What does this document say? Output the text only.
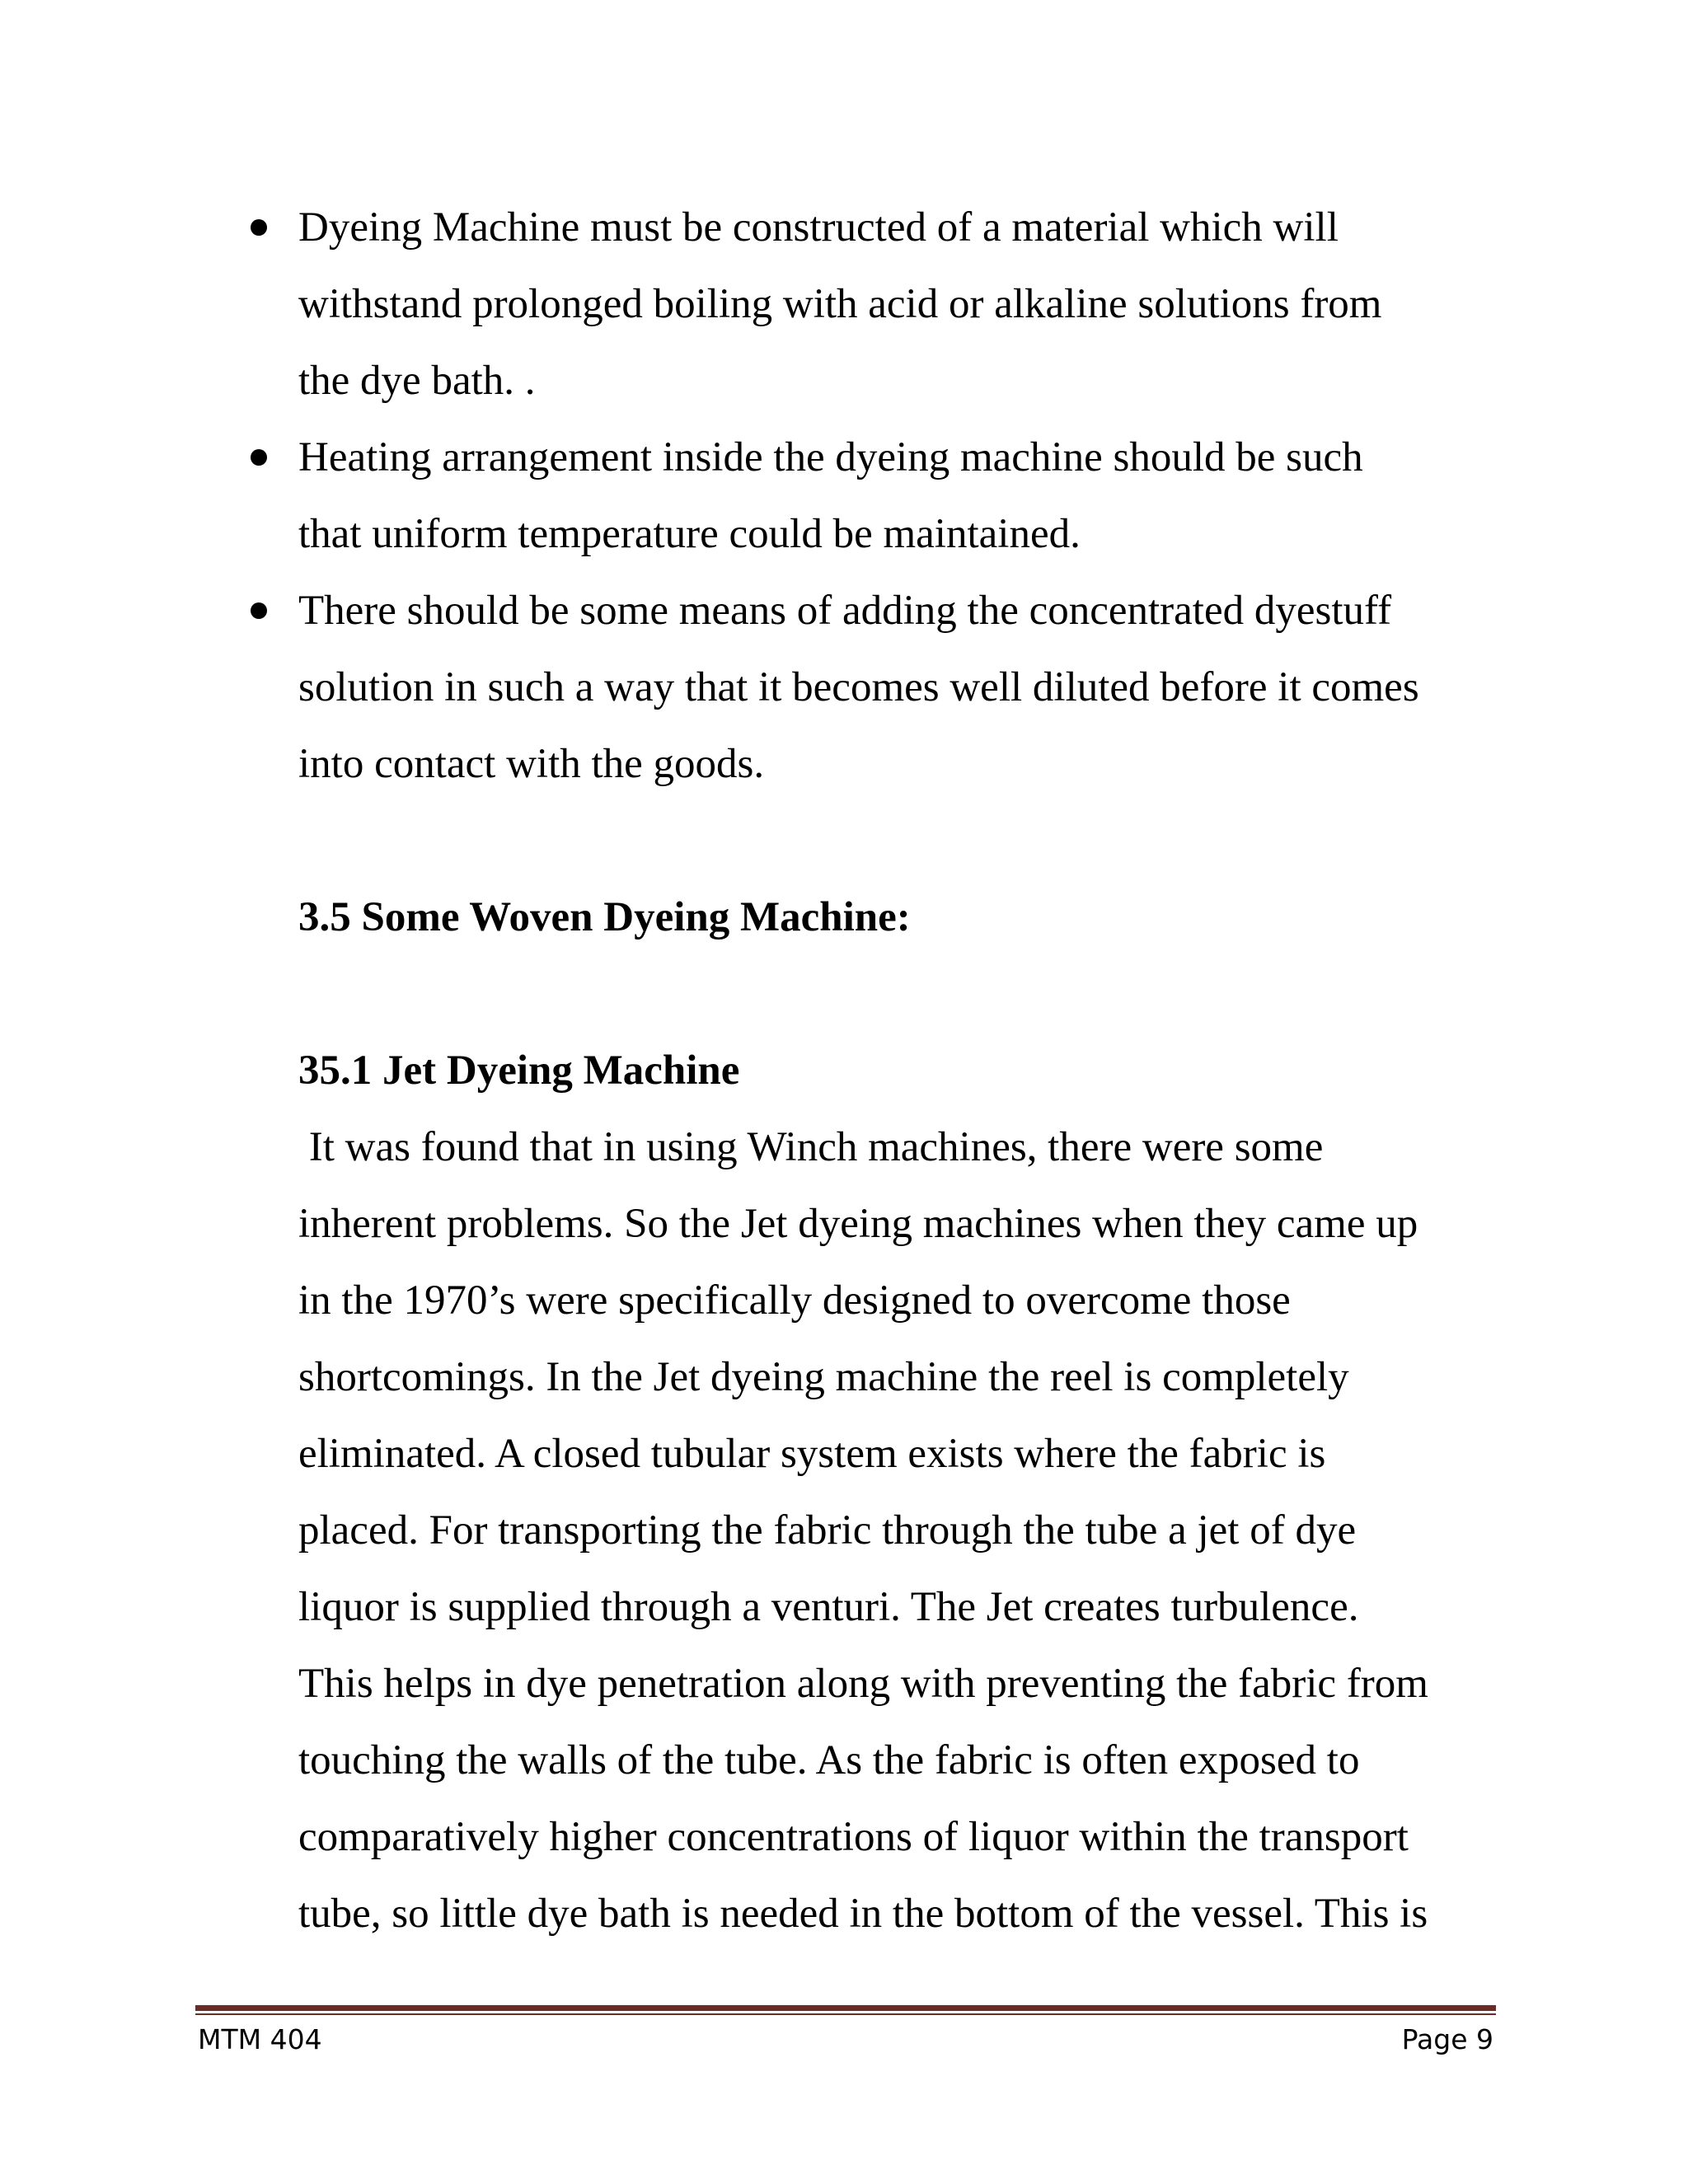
Dyeing Machine must be constructed of a material which will
withstand prolonged boiling with acid or alkaline solutions from
the dye bath. .
Heating arrangement inside the dyeing machine should be such
that uniform temperature could be maintained.
There should be some means of adding the concentrated dyestuff
solution in such a way that it becomes well diluted before it comes
into contact with the goods.
3.5 Some Woven Dyeing Machine:
35.1 Jet Dyeing Machine
It was found that in using Winch machines, there were some
inherent problems. So the Jet dyeing machines when they came up
in the 1970’s were specifically designed to overcome those
shortcomings. In the Jet dyeing machine the reel is completely
eliminated. A closed tubular system exists where the fabric is
placed. For transporting the fabric through the tube a jet of dye
liquor is supplied through a venturi. The Jet creates turbulence.
This helps in dye penetration along with preventing the fabric from
touching the walls of the tube. As the fabric is often exposed to
comparatively higher concentrations of liquor within the transport
tube, so little dye bath is needed in the bottom of the vessel. This is
MTM 404	Page 9
